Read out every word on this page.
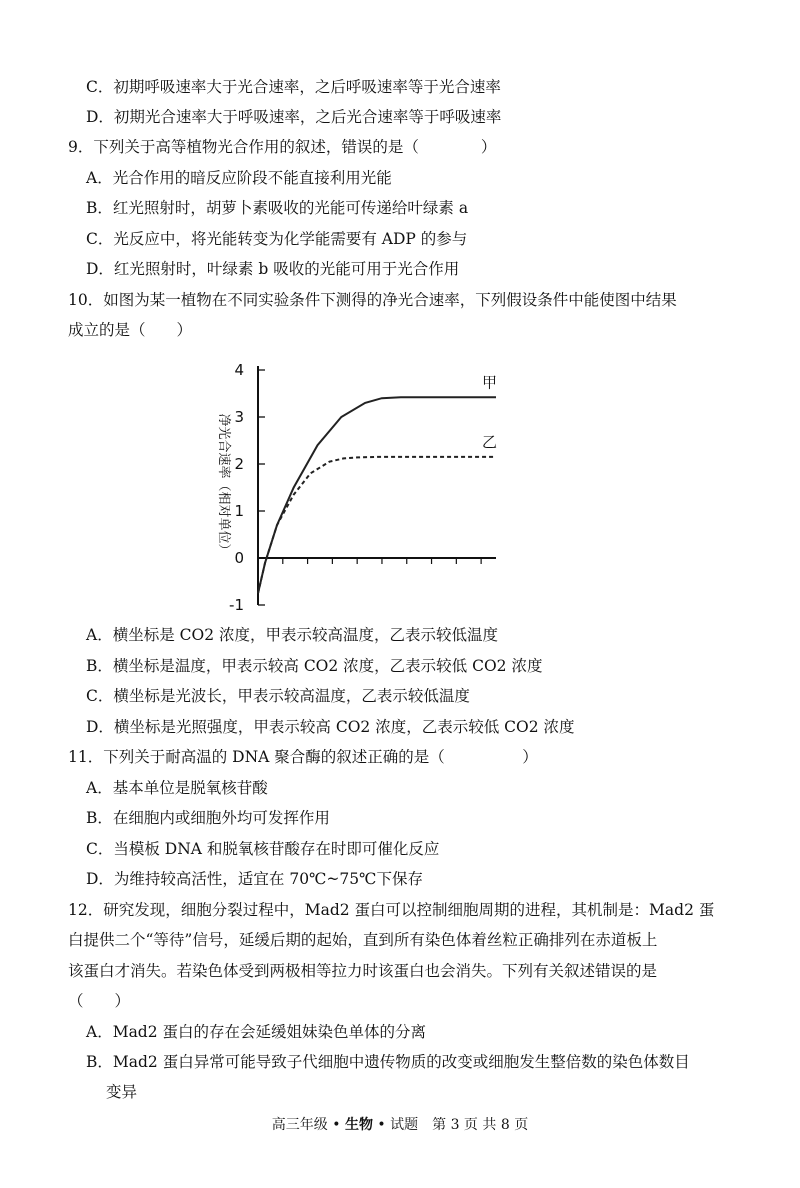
C．初期呼吸速率大于光合速率，之后呼吸速率等于光合速率
D．初期光合速率大于呼吸速率，之后光合速率等于呼吸速率
9．下列关于高等植物光合作用的叙述，错误的是（　　　　）
A．光合作用的暗反应阶段不能直接利用光能
B．红光照射时，胡萝卜素吸收的光能可传递给叶绿素 a
C．光反应中，将光能转变为化学能需要有 ADP 的参与
D．红光照射时，叶绿素 b 吸收的光能可用于光合作用
10．如图为某一植物在不同实验条件下测得的净光合速率，下列假设条件中能使图中结果
成立的是（　　）
4
3
2
1
0
-1
甲
乙
净光合速率（相对单位）
A．横坐标是 CO2 浓度，甲表示较高温度，乙表示较低温度
B．横坐标是温度，甲表示较高 CO2 浓度，乙表示较低 CO2 浓度
C．横坐标是光波长，甲表示较高温度，乙表示较低温度
D．横坐标是光照强度，甲表示较高 CO2 浓度，乙表示较低 CO2 浓度
11．下列关于耐高温的 DNA 聚合酶的叙述正确的是（　　　　　）
A．基本单位是脱氧核苷酸
B．在细胞内或细胞外均可发挥作用
C．当模板 DNA 和脱氧核苷酸存在时即可催化反应
D．为维持较高活性，适宜在 70℃~75℃下保存
12．研究发现，细胞分裂过程中，Mad2 蛋白可以控制细胞周期的进程，其机制是：Mad2 蛋
白提供二个“等待”信号，延缓后期的起始，直到所有染色体着丝粒正确排列在赤道板上
该蛋白才消失。若染色体受到两极相等拉力时该蛋白也会消失。下列有关叙述错误的是
（　　）
A．Mad2 蛋白的存在会延缓姐妹染色单体的分离
B．Mad2 蛋白异常可能导致子代细胞中遗传物质的改变或细胞发生整倍数的染色体数目
变异
高三年级 • 生物 • 试题　第 3 页 共 8 页
